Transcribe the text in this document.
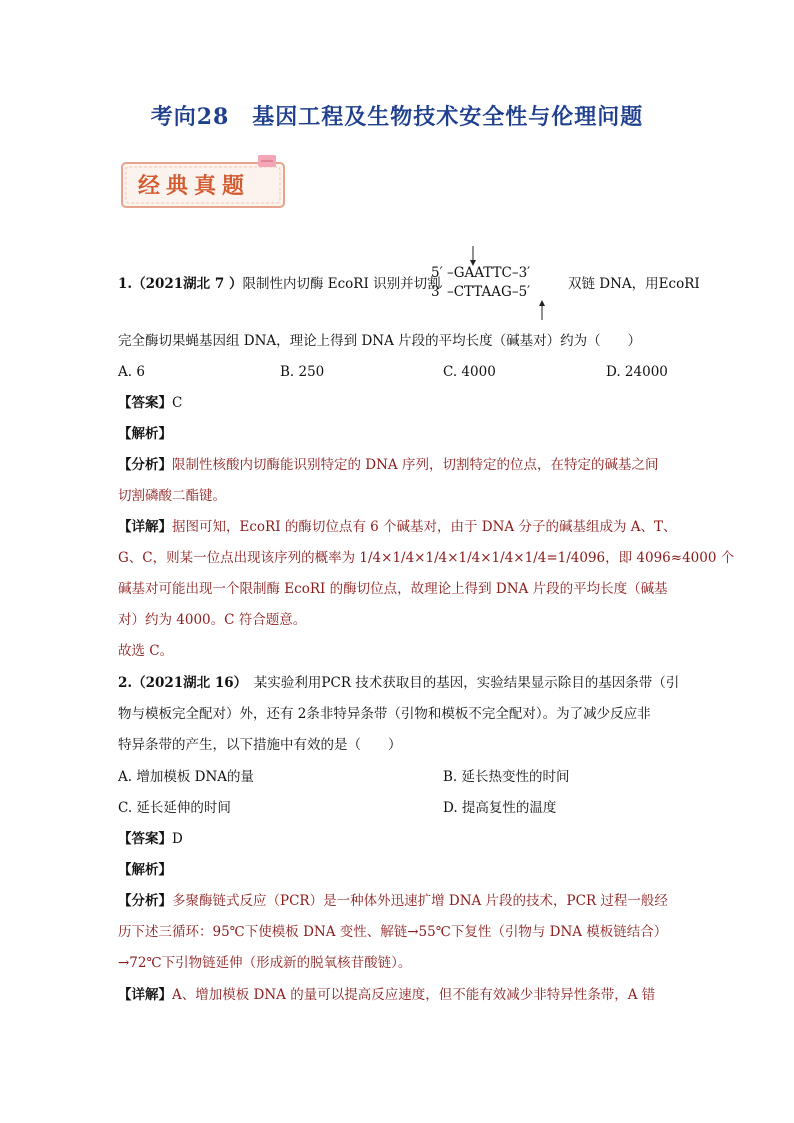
考向28　基因工程及生物技术安全性与伦理问题
经典真题
1.（2021湖北 7 ）限制性内切酶 EcoRI 识别并切割
5′ –GAATTC–3′
3′ –CTTAAG–5′	双链 DNA，用EcoRI
完全酶切果蝇基因组 DNA，理论上得到 DNA 片段的平均长度（碱基对）约为（　　）
A. 6	B. 250	C. 4000	D. 24000
【答案】C
【解析】
【分析】限制性核酸内切酶能识别特定的 DNA 序列，切割特定的位点，在特定的碱基之间
切割磷酸二酯键。
【详解】据图可知，EcoRI 的酶切位点有 6 个碱基对，由于 DNA 分子的碱基组成为 A、T、
G、C，则某一位点出现该序列的概率为 1/4×1/4×1/4×1/4×1/4×1/4=1/4096，即 4096≈4000 个
碱基对可能出现一个限制酶 EcoRI 的酶切位点，故理论上得到 DNA 片段的平均长度（碱基
对）约为 4000。C 符合题意。
故选 C。
2.（2021湖北 16）　某实验利用PCR 技术获取目的基因，实验结果显示除目的基因条带（引
物与模板完全配对）外，还有 2条非特异条带（引物和模板不完全配对）。为了减少反应非
特异条带的产生，以下措施中有效的是（　　）
A. 增加模板 DNA的量	B. 延长热变性的时间
C. 延长延伸的时间	D. 提高复性的温度
【答案】D
【解析】
【分析】多聚酶链式反应（PCR）是一种体外迅速扩增 DNA 片段的技术，PCR 过程一般经
历下述三循环：95℃下使模板 DNA 变性、解链→55℃下复性（引物与 DNA 模板链结合）
→72℃下引物链延伸（形成新的脱氧核苷酸链）。
【详解】A、增加模板 DNA 的量可以提高反应速度，但不能有效减少非特异性条带，A 错
